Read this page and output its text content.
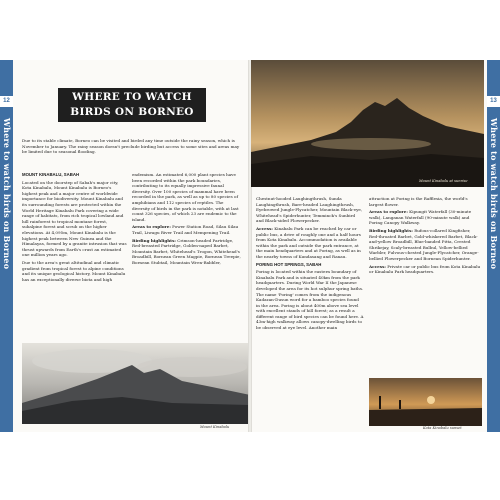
12
Where to watch birds on Borneo
WHERE TO WATCH
BIRDS ON BORNEO

Due to its stable climate, Borneo can be visited and birded any time outside the rainy season, which is November to January. The rainy season doesn't preclude birding but access to some sites and areas may be limited due to seasonal flooding.

MOUNT KINABALU, SABAH

Located on the doorstep of Sabah's major city, Kota Kinabalu, Mount Kinabalu is Borneo's highest peak and a major centre of worldwide importance for biodiversity. Mount Kinabalu and its surrounding forests are protected within the World Heritage Kinabalu Park covering a wide range of habitats, from rich tropical lowland and hill rainforest to tropical montane forest, subalpine forest and scrub on the higher elevations. At 4,095m, Mount Kinabalu is the highest peak between New Guinea and the Himalayas, formed by a granite intrusion that was thrust upwards from Earth's crust an estimated one million years ago.

Due to the area's great altitudinal and climatic gradient from tropical forest to alpine conditions and its unique geological history, Mount Kinabalu has an exceptionally diverse biota and high

endemism. An estimated 6,000 plant species have been recorded within the park boundaries, contributing to its equally impressive faunal diversity. Over 100 species of mammal have been recorded in the park, as well as up to 80 species of amphibians and 112 species of reptiles. The diversity of birds in the park is notable, with at last count 326 species, of which 23 are endemic to the island.

Areas to explore: Power Station Road, Silau Silau Trail, Liwagu River Trail and Mempening Trail.

Birding highlights: Crimson-headed Partridge, Red-breasted Partridge, Golden-naped Barbet, Mountain Barbet, Whitehead's Trogon, Whitehead's Broadbill, Bornean Green Magpie, Bornean Treepie, Bornean Stubtail, Mountain Wren-Babbler,

Mount Kinabalu
Mount Kinabalu at sunrise

Chestnut-hooded Laughingthrush, Sunda Laughingthrush, Bare-headed Laughingthrush, Eyebrowed Jungle-Flycatcher, Mountain Black-eye, Whitehead's Spiderhunter, Temminck's Sunbird and Black-sided Flowerpecker.

Access: Kinabalu Park can be reached by car or public bus, a drive of roughly one and a half hours from Kota Kinabalu. Accommodation is available within the park and outside the park entrance, at the main headquarters and at Poring, as well as in the nearby towns of Kundasang and Ranau.

PORING HOT SPRINGS, SABAH

Poring is located within the eastern boundary of Kinabalu Park and is situated 40km from the park headquarters. During World War II the Japanese developed the area for its hot sulphur spring baths. The name 'Poring' comes from the indigenous Kadazan-Dusun word for a bamboo species found in the area. Poring is about 400m above sea level with excellent stands of hill forest; as a result a different range of bird species can be found here. A 43m-high walkway allows canopy-dwelling birds to be observed at eye level. Another main

attraction at Poring is the Rafflesia, the world's largest flower.

Areas to explore: Kipungit Waterfall (30-minute walk), Langanan Waterfall (90-minute walk) and Poring Canopy Walkway.

Birding highlights: Rufous-collared Kingfisher, Red-throated Barbet, Gold-whiskered Barbet, Black-and-yellow Broadbill, Blue-banded Pitta, Crested Shrikejay, Scaly-breasted Bulbul, Yellow-bellied Warbler, Fulvous-chested Jungle-Flycatcher, Orange-bellied Flowerpecker and Bornean Spiderhunter.

Access: Private car or public bus from Kota Kinabalu or Kinabalu Park headquarters.

Kota Kinabalu sunset
13
Where to watch birds on Borneo
